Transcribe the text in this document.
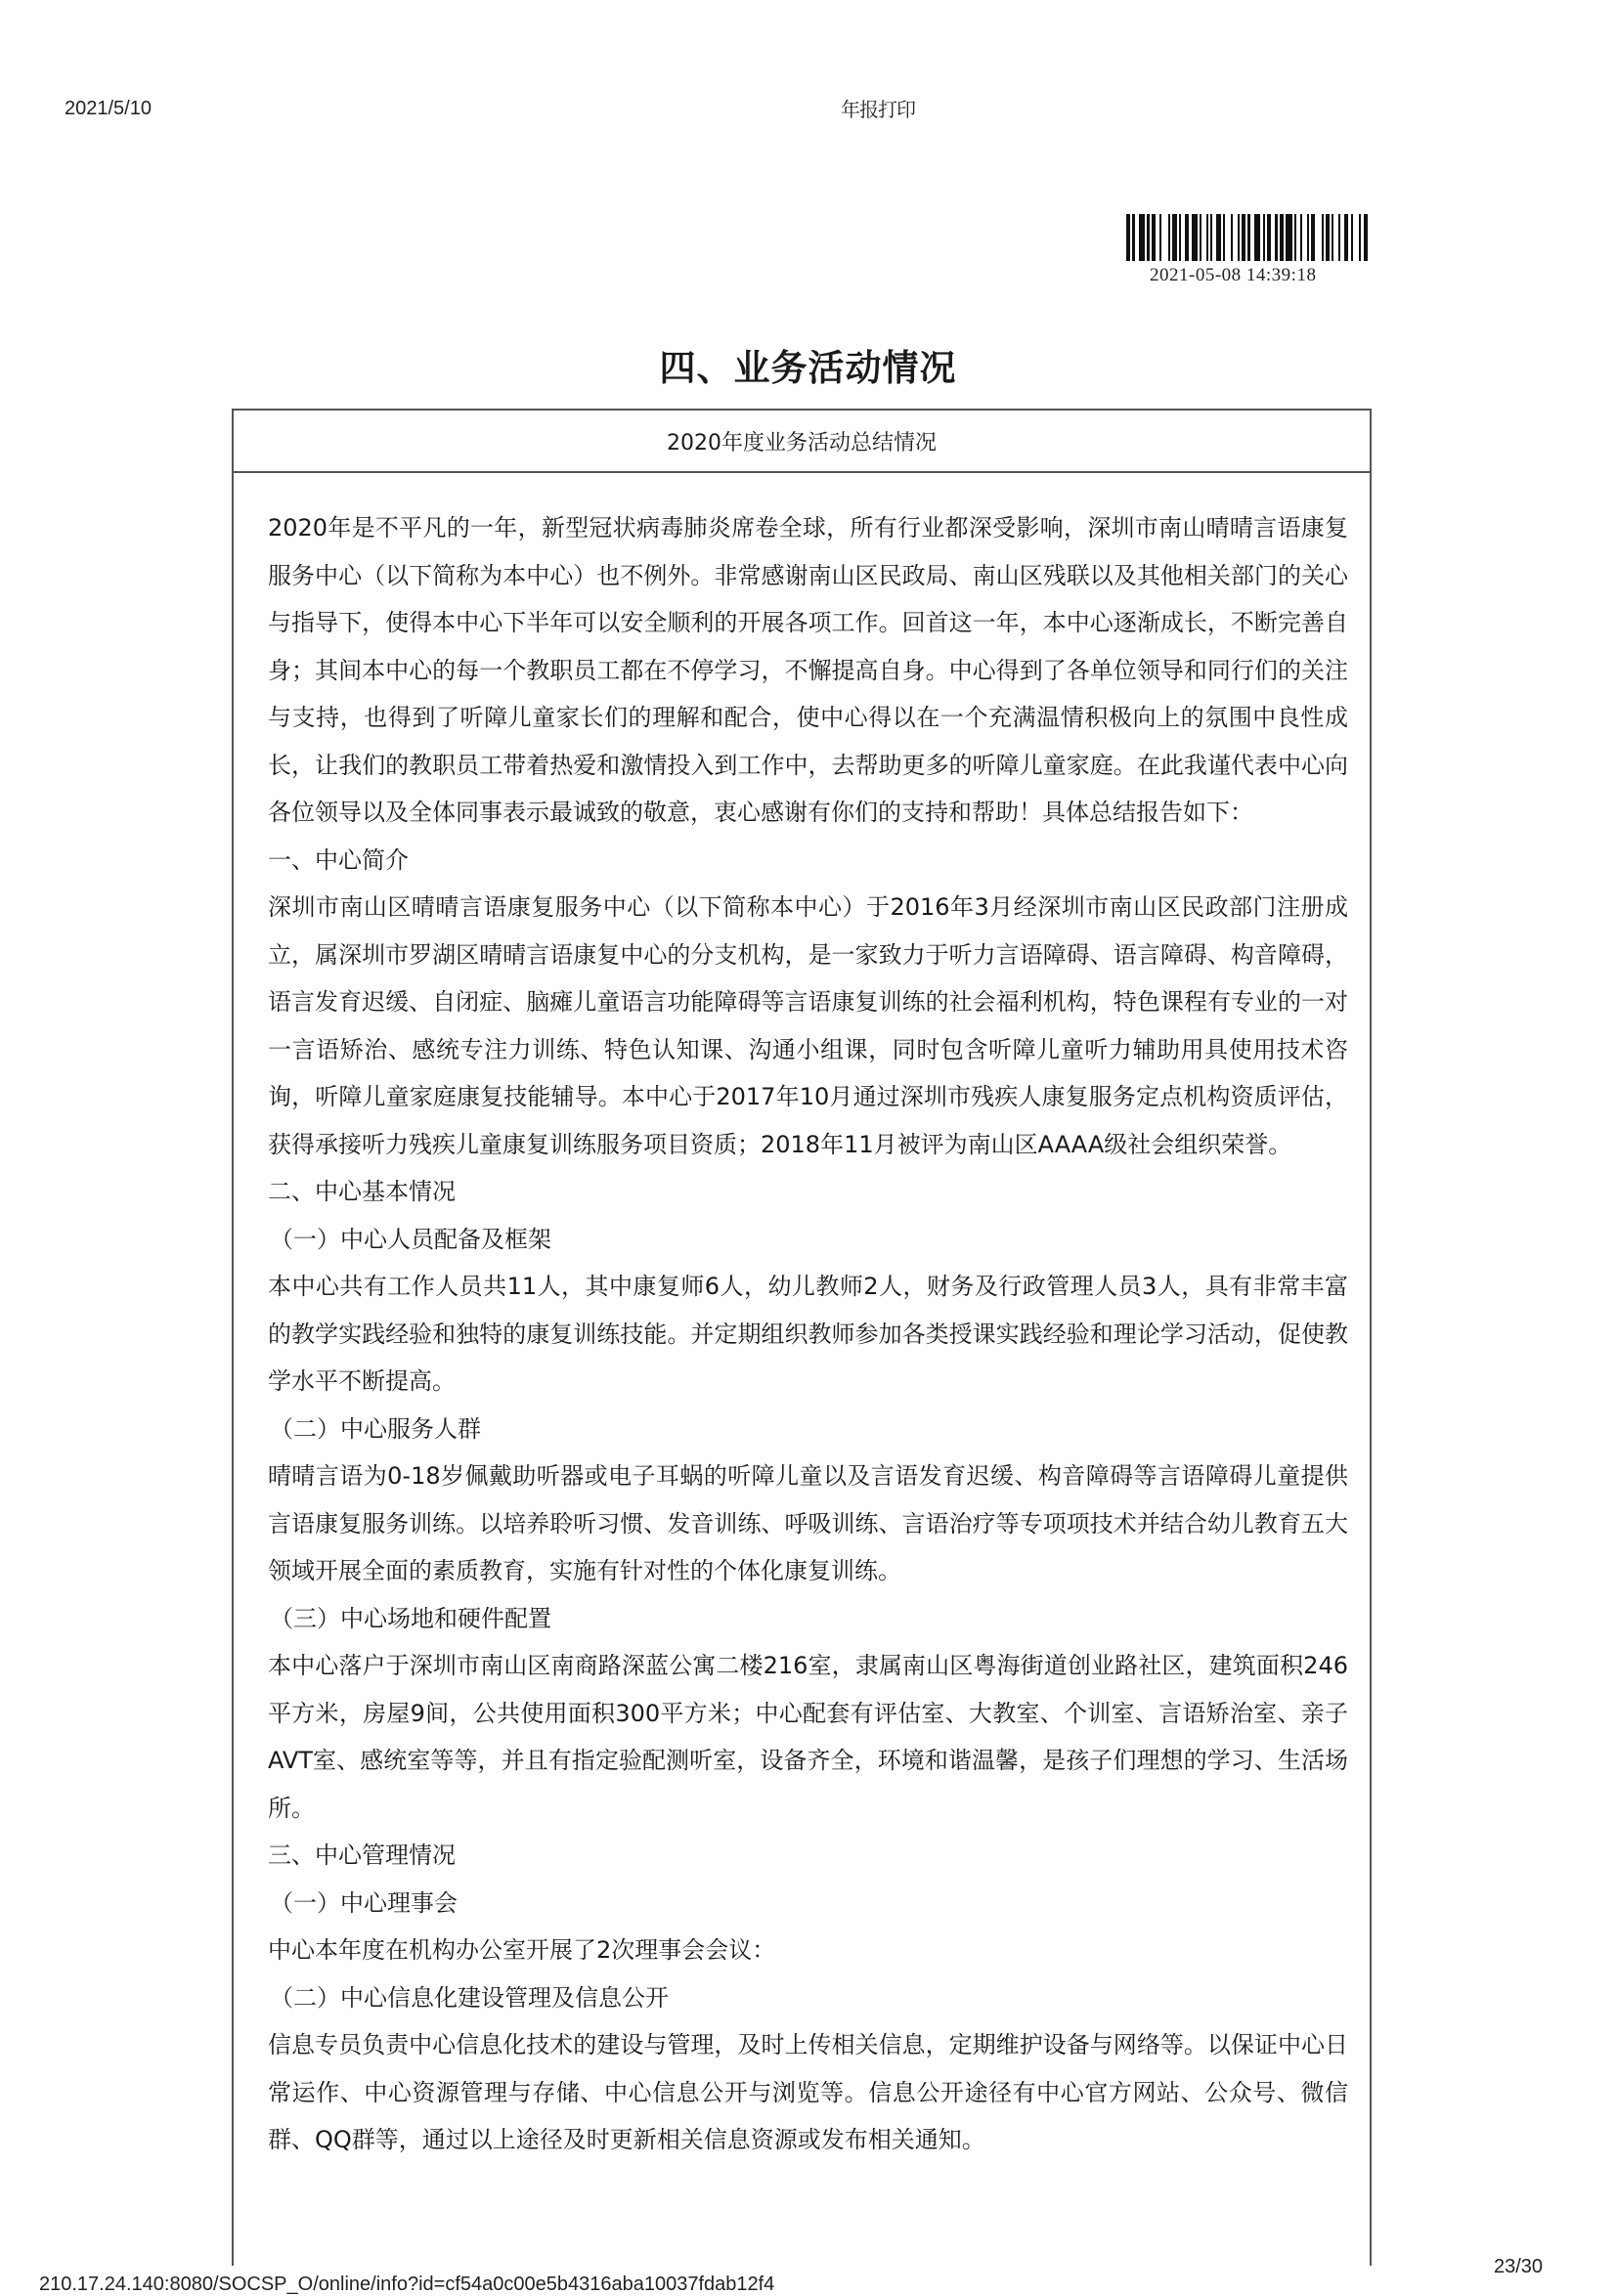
2021/5/10	年报打印
2021-05-08 14:39:18
四、业务活动情况
2020年度业务活动总结情况

2020年是不平凡的一年，新型冠状病毒肺炎席卷全球，所有行业都深受影响，深圳市南山晴晴言语康复服务中心（以下简称为本中心）也不例外。非常感谢南山区民政局、南山区残联以及其他相关部门的关心与指导下，使得本中心下半年可以安全顺利的开展各项工作。回首这一年，本中心逐渐成长，不断完善自身；其间本中心的每一个教职员工都在不停学习，不懈提高自身。中心得到了各单位领导和同行们的关注与支持，也得到了听障儿童家长们的理解和配合，使中心得以在一个充满温情积极向上的氛围中良性成长，让我们的教职员工带着热爱和激情投入到工作中，去帮助更多的听障儿童家庭。在此我谨代表中心向各位领导以及全体同事表示最诚致的敬意，衷心感谢有你们的支持和帮助！具体总结报告如下：

一、中心简介

深圳市南山区晴晴言语康复服务中心（以下简称本中心）于2016年3月经深圳市南山区民政部门注册成立，属深圳市罗湖区晴晴言语康复中心的分支机构，是一家致力于听力言语障碍、语言障碍、构音障碍，语言发育迟缓、自闭症、脑瘫儿童语言功能障碍等言语康复训练的社会福利机构，特色课程有专业的一对一言语矫治、感统专注力训练、特色认知课、沟通小组课，同时包含听障儿童听力辅助用具使用技术咨询，听障儿童家庭康复技能辅导。本中心于2017年10月通过深圳市残疾人康复服务定点机构资质评估，获得承接听力残疾儿童康复训练服务项目资质；2018年11月被评为南山区AAAA级社会组织荣誉。

二、中心基本情况

（一）中心人员配备及框架

本中心共有工作人员共11人，其中康复师6人，幼儿教师2人，财务及行政管理人员3人，具有非常丰富的教学实践经验和独特的康复训练技能。并定期组织教师参加各类授课实践经验和理论学习活动，促使教学水平不断提高。

（二）中心服务人群

晴晴言语为0-18岁佩戴助听器或电子耳蜗的听障儿童以及言语发育迟缓、构音障碍等言语障碍儿童提供言语康复服务训练。以培养聆听习惯、发音训练、呼吸训练、言语治疗等专项项技术并结合幼儿教育五大领域开展全面的素质教育，实施有针对性的个体化康复训练。

（三）中心场地和硬件配置

本中心落户于深圳市南山区南商路深蓝公寓二楼216室，隶属南山区粤海街道创业路社区，建筑面积246平方米，房屋9间，公共使用面积300平方米；中心配套有评估室、大教室、个训室、言语矫治室、亲子AVT室、感统室等等，并且有指定验配测听室，设备齐全，环境和谐温馨，是孩子们理想的学习、生活场所。

三、中心管理情况

（一）中心理事会

中心本年度在机构办公室开展了2次理事会会议：

（二）中心信息化建设管理及信息公开

信息专员负责中心信息化技术的建设与管理，及时上传相关信息，定期维护设备与网络等。以保证中心日常运作、中心资源管理与存储、中心信息公开与浏览等。信息公开途径有中心官方网站、公众号、微信群、QQ群等，通过以上途径及时更新相关信息资源或发布相关通知。

210.17.24.140:8080/SOCSP_O/online/info?id=cf54a0c00e5b4316aba10037fdab12f4
23/30
